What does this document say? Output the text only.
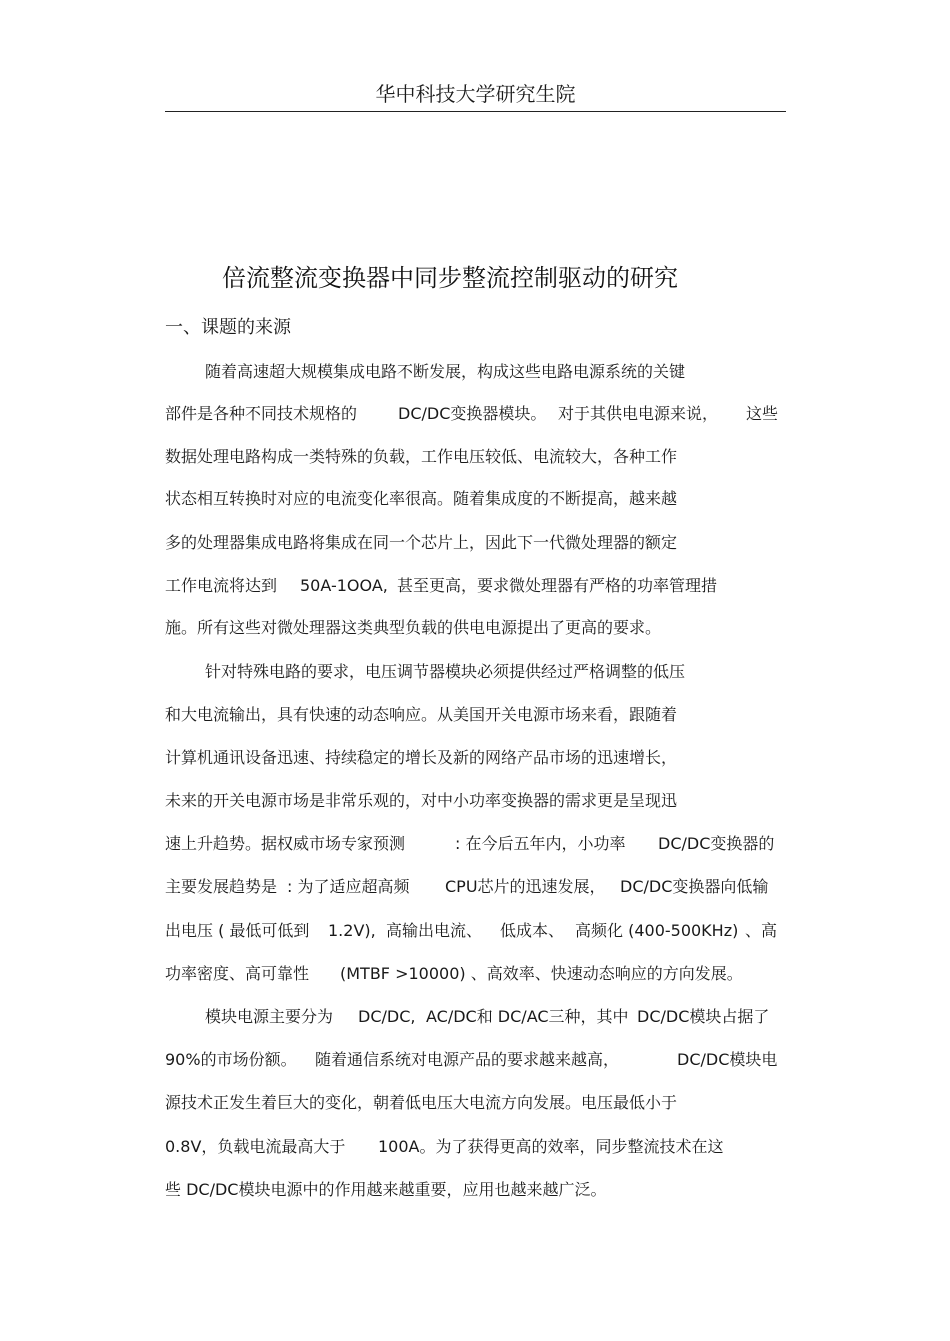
华中科技大学研究生院
倍流整流变换器中同步整流控制驱动的研究
一、课题的来源
随着高速超大规模集成电路不断发展，构成这些电路电源系统的关键
部件是各种不同技术规格的	DC/DC变换器模块。 对于其供电电源来说， 这些
数据处理电路构成一类特殊的负载，工作电压较低、电流较大，各种工作
状态相互转换时对应的电流变化率很高。随着集成度的不断提高，越来越
多的处理器集成电路将集成在同一个芯片上，因此下一代微处理器的额定
工作电流将达到 50A-1OOA, 甚至更高，要求微处理器有严格的功率管理措
施。所有这些对微处理器这类典型负载的供电电源提出了更高的要求。
针对特殊电路的要求，电压调节器模块必须提供经过严格调整的低压
和大电流输出，具有快速的动态响应。从美国开关电源市场来看，跟随着
计算机通讯设备迅速、持续稳定的增长及新的网络产品市场的迅速增长，
未来的开关电源市场是非常乐观的，对中小功率变换器的需求更是呈现迅
速上升趋势。据权威市场专家预测	: 在今后五年内，小功率 DC/DC变换器的
主要发展趋势是 : 为了适应超高频 CPU芯片的迅速发展， DC/DC变换器向低输
出电压 ( 最低可低到 1.2V), 高输出电流、 低成本、 高频化 (400-500KHz) 、高
功率密度、高可靠性 (MTBF >10000) 、高效率、快速动态响应的方向发展。
模块电源主要分为 DC/DC, AC/DC和 DC/AC三种，其中 DC/DC模块占据了
90%的市场份额。 随着通信系统对电源产品的要求越来越高，	DC/DC模块电
源技术正发生着巨大的变化，朝着低电压大电流方向发展。电压最低小于
0.8V，负载电流最高大于 100A。为了获得更高的效率，同步整流技术在这
些 DC/DC模块电源中的作用越来越重要，应用也越来越广泛。
